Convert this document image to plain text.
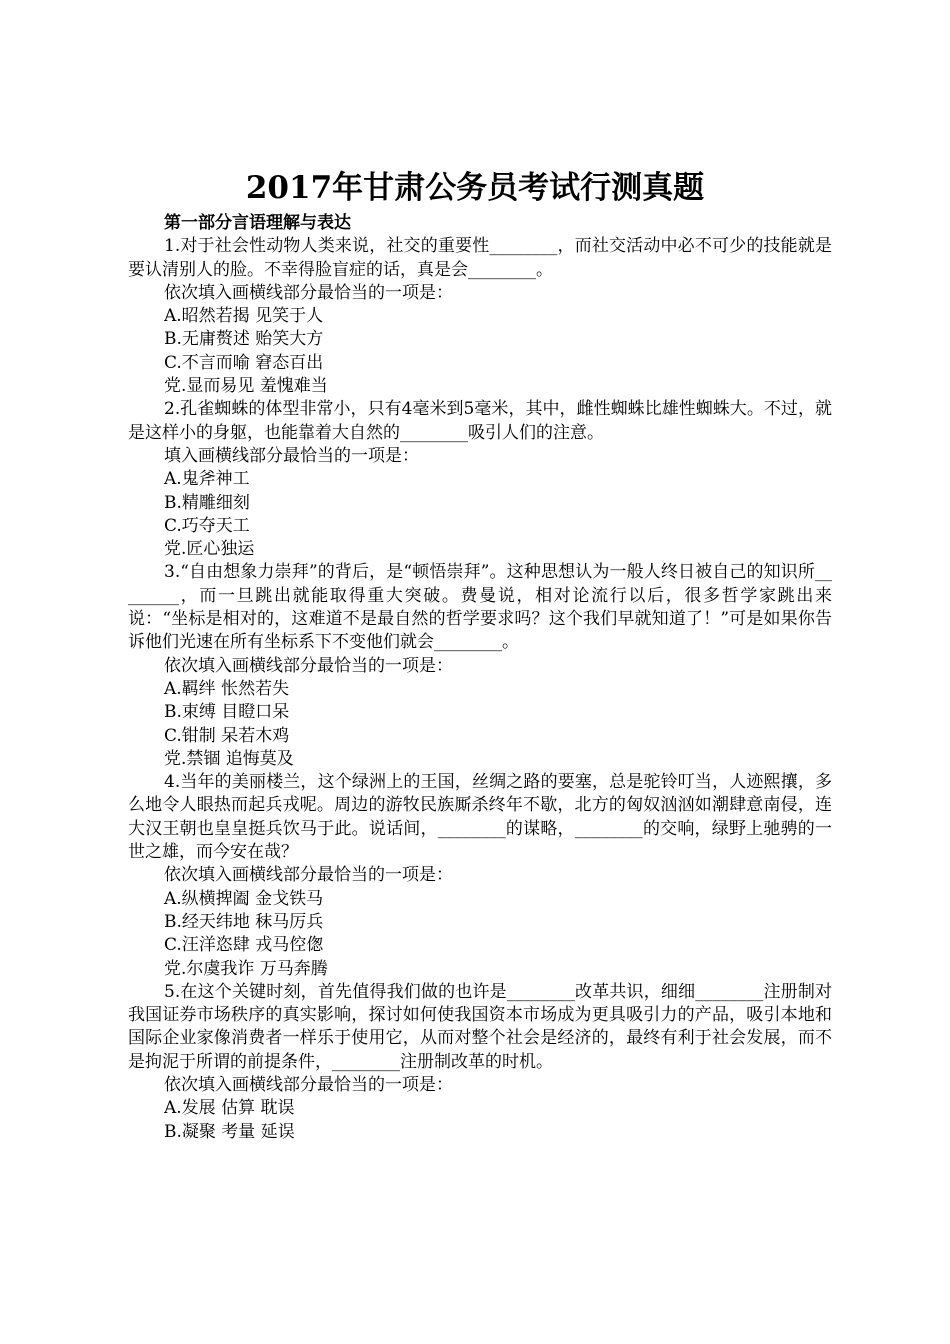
2017年甘肃公务员考试行测真题

第一部分言语理解与表达

1.对于社会性动物人类来说，社交的重要性________，而社交活动中必不可少的技能就是要认清别人的脸。不幸得脸盲症的话，真是会________。

依次填入画横线部分最恰当的一项是：

A.昭然若揭 见笑于人

B.无庸赘述 贻笑大方

C.不言而喻 窘态百出

党.显而易见 羞愧难当

2.孔雀蜘蛛的体型非常小，只有4毫米到5毫米，其中，雌性蜘蛛比雄性蜘蛛大。不过，就是这样小的身躯，也能靠着大自然的________吸引人们的注意。

填入画横线部分最恰当的一项是：

A.鬼斧神工

B.精雕细刻

C.巧夺天工

党.匠心独运

3.“自由想象力崇拜”的背后，是“顿悟崇拜”。这种思想认为一般人终日被自己的知识所________，而一旦跳出就能取得重大突破。费曼说，相对论流行以后，很多哲学家跳出来说：“坐标是相对的，这难道不是最自然的哲学要求吗？这个我们早就知道了！”可是如果你告诉他们光速在所有坐标系下不变他们就会________。

依次填入画横线部分最恰当的一项是：

A.羁绊 怅然若失

B.束缚 目瞪口呆

C.钳制 呆若木鸡

党.禁锢 追悔莫及

4.当年的美丽楼兰，这个绿洲上的王国，丝绸之路的要塞，总是驼铃叮当，人迹熙攘，多么地令人眼热而起兵戎呢。周边的游牧民族厮杀终年不歇，北方的匈奴汹汹如潮肆意南侵，连大汉王朝也皇皇挺兵饮马于此。说话间，________的谋略，________的交响，绿野上驰骋的一世之雄，而今安在哉？

依次填入画横线部分最恰当的一项是：

A.纵横捭阖 金戈铁马

B.经天纬地 秣马厉兵

C.汪洋恣肆 戎马倥偬

党.尔虞我诈 万马奔腾

5.在这个关键时刻，首先值得我们做的也许是________改革共识，细细________注册制对我国证券市场秩序的真实影响，探讨如何使我国资本市场成为更具吸引力的产品，吸引本地和国际企业家像消费者一样乐于使用它，从而对整个社会是经济的，最终有利于社会发展，而不是拘泥于所谓的前提条件，________注册制改革的时机。

依次填入画横线部分最恰当的一项是：

A.发展 估算 耽误

B.凝聚 考量 延误
